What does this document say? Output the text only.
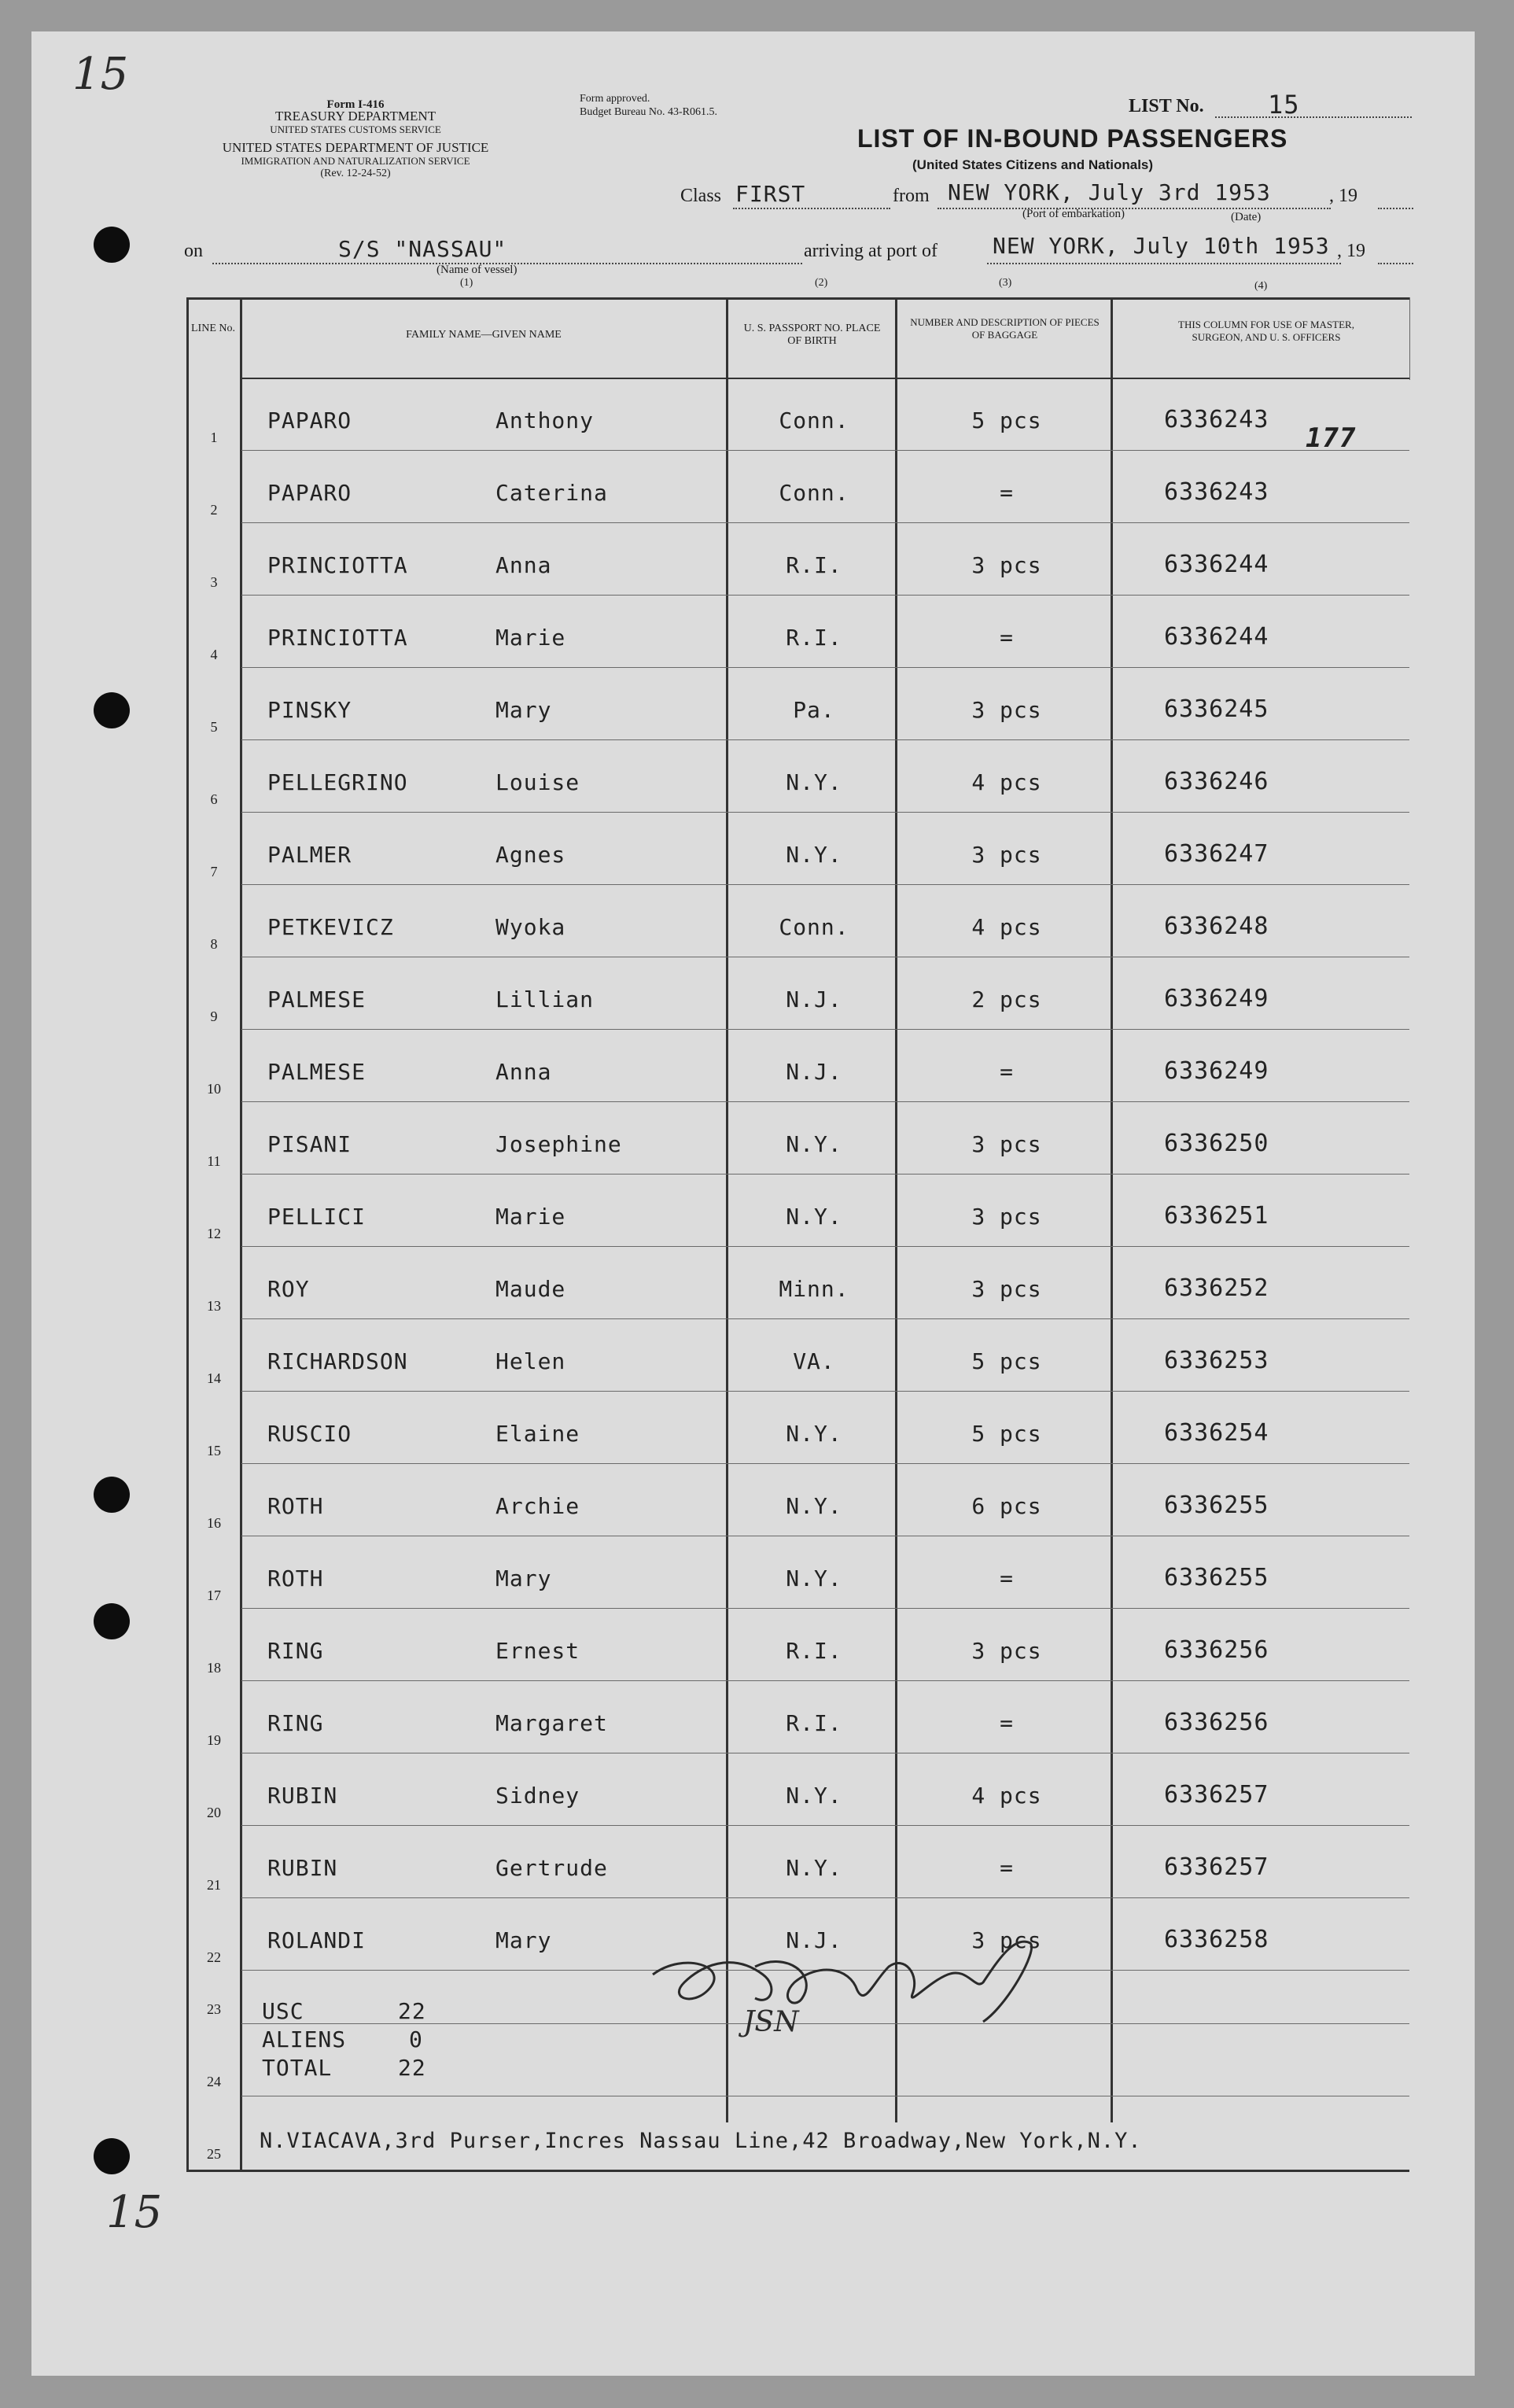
15
15
Form I-416
TREASURY DEPARTMENT
UNITED STATES CUSTOMS SERVICE
UNITED STATES DEPARTMENT OF JUSTICE
IMMIGRATION AND NATURALIZATION SERVICE
(Rev. 12-24-52)
Form approved.
Budget Bureau No. 43-R061.5.	LIST No.	15
LIST OF IN-BOUND PASSENGERS
(United States Citizens and Nationals)
Class FIRST	from NEW YORK, July 3rd 1953	, 19
(Port of embarkation)	(Date)
on	S/S "NASSAU"
(Name of vessel)
(1)
arriving at port of	NEW YORK, July 10th 1953 , 19
(2)	(3)	(4)
LINE No.
FAMILY NAME—GIVEN NAME
U. S. PASSPORT NO. PLACE OF BIRTH
NUMBER AND DESCRIPTION OF PIECES OF BAGGAGE
THIS COLUMN FOR USE OF MASTER, SURGEON, AND U. S. OFFICERS
1
PAPARO	Anthony	Conn.	5 pcs	6336243
2
PAPARO	Caterina	Conn.	=	6336243
3
PRINCIOTTA	Anna	R.I.	3 pcs	6336244
4
PRINCIOTTA	Marie	R.I.	=	6336244
5
PINSKY	Mary	Pa.	3 pcs	6336245
6
PELLEGRINO	Louise	N.Y.	4 pcs	6336246
7
PALMER	Agnes	N.Y.	3 pcs	6336247
8
PETKEVICZ	Wyoka	Conn.	4 pcs	6336248
9
PALMESE	Lillian	N.J.	2 pcs	6336249
10
PALMESE	Anna	N.J.	=	6336249
11
PISANI	Josephine	N.Y.	3 pcs	6336250
12
PELLICI	Marie	N.Y.	3 pcs	6336251
13
ROY	Maude	Minn.	3 pcs	6336252
14
RICHARDSON	Helen	VA.	5 pcs	6336253
15
RUSCIO	Elaine	N.Y.	5 pcs	6336254
16
ROTH	Archie	N.Y.	6 pcs	6336255
17
ROTH	Mary	N.Y.	=	6336255
18
RING	Ernest	R.I.	3 pcs	6336256
19
RING	Margaret	R.I.	=	6336256
20
RUBIN	Sidney	N.Y.	4 pcs	6336257
21
RUBIN	Gertrude	N.Y.	=	6336257
22
ROLANDI	Mary	N.J.	3 pcs	6336258
177
23
24
25
USC	22
ALIENS	0
TOTAL	22
JSN
N.VIACAVA,3rd Purser,Incres Nassau Line,42 Broadway,New York,N.Y.
